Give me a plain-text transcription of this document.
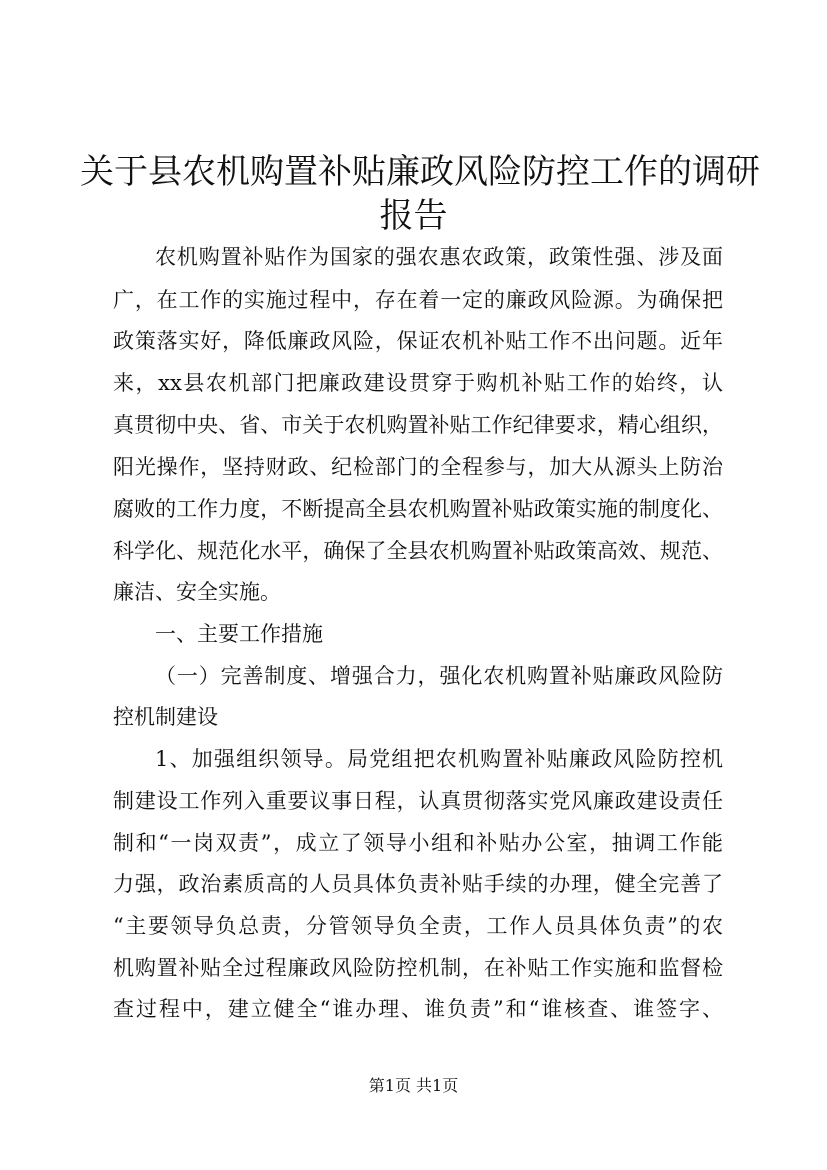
关于县农机购置补贴廉政风险防控工作的调研
报告

农机购置补贴作为国家的强农惠农政策，政策性强、涉及面

广，在工作的实施过程中，存在着一定的廉政风险源。为确保把

政策落实好，降低廉政风险，保证农机补贴工作不出问题。近年

来，xx县农机部门把廉政建设贯穿于购机补贴工作的始终，认

真贯彻中央、省、市关于农机购置补贴工作纪律要求，精心组织，

阳光操作，坚持财政、纪检部门的全程参与，加大从源头上防治

腐败的工作力度，不断提高全县农机购置补贴政策实施的制度化、

科学化、规范化水平，确保了全县农机购置补贴政策高效、规范、

廉洁、安全实施。

一、主要工作措施

（一）完善制度、增强合力，强化农机购置补贴廉政风险防

控机制建设

1、加强组织领导。局党组把农机购置补贴廉政风险防控机

制建设工作列入重要议事日程，认真贯彻落实党风廉政建设责任

制和“一岗双责”，成立了领导小组和补贴办公室，抽调工作能

力强，政治素质高的人员具体负责补贴手续的办理，健全完善了

“主要领导负总责，分管领导负全责，工作人员具体负责”的农

机购置补贴全过程廉政风险防控机制，在补贴工作实施和监督检

查过程中，建立健全“谁办理、谁负责”和“谁核查、谁签字、

第1页 共1页
